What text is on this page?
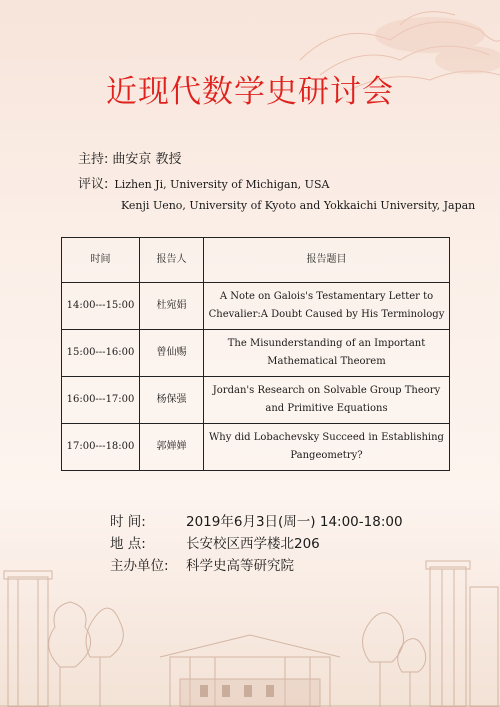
近现代数学史研讨会
主持: 曲安京 教授
评议: Lizhen Ji, University of Michigan, USA
Kenji Ueno, University of Kyoto and Yokkaichi University, Japan
时间	报告人	报告题目
14:00---15:00	杜宛娟	A Note on Galois's Testamentary Letter to Chevalier:A Doubt Caused by His Terminology
15:00---16:00	曾仙赐	The Misunderstanding of an Important Mathematical Theorem
16:00---17:00	杨保强	Jordan's Research on Solvable Group Theory and Primitive Equations
17:00---18:00	郭婵婵	Why did Lobachevsky Succeed in Establishing Pangeometry?
时 间:	2019年6月3日(周一) 14:00-18:00
地 点:	长安校区西学楼北206
主办单位: 科学史高等研究院
